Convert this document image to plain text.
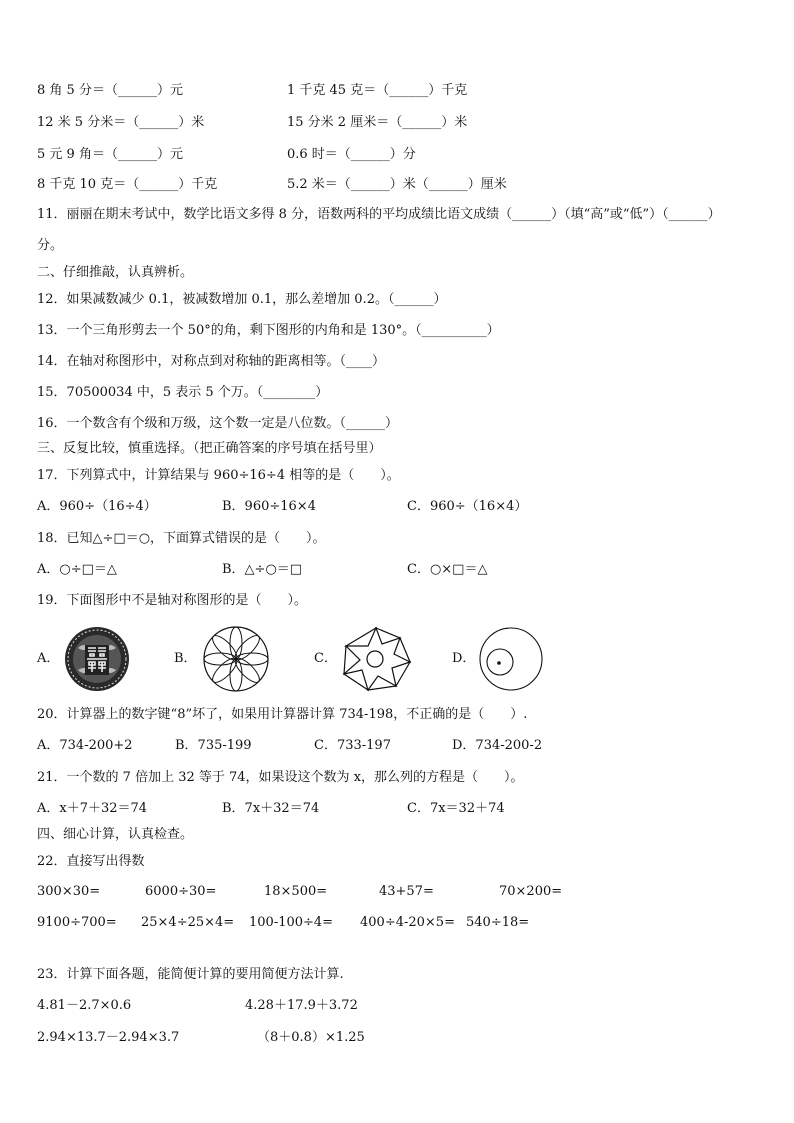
8 角 5 分＝（______）元	1 千克 45 克＝（______）千克
12 米 5 分米＝（______）米	15 分米 2 厘米＝（______）米
5 元 9 角＝（______）元	0.6 时＝（______）分
8 千克 10 克＝（______）千克	5.2 米＝（______）米（______）厘米
11．丽丽在期末考试中，数学比语文多得 8 分，语数两科的平均成绩比语文成绩（______）（填“高”或“低”）（______）
分。
二、仔细推敲，认真辨析。
12．如果减数减少 0.1，被减数增加 0.1，那么差增加 0.2。（______）
13．一个三角形剪去一个 50°的角，剩下图形的内角和是 130°。（__________）
14．在轴对称图形中，对称点到对称轴的距离相等。（____）
15．70500034 中，5 表示 5 个万。（________）
16．一个数含有个级和万级，这个数一定是八位数。（______）
三、反复比较，慎重选择。（把正确答案的序号填在括号里）
17．下列算式中，计算结果与 960÷16÷4 相等的是（　　）。
A．960÷（16÷4）	B．960÷16×4	C．960÷（16×4）
18．已知△÷□＝○，下面算式错误的是（　　）。
A．○÷□＝△	B．△÷○＝□	C．○×□＝△
19．下面图形中不是轴对称图形的是（　　）。
A．	B．	C．	D．
20．计算器上的数字键“8”坏了，如果用计算器计算 734-198，不正确的是（　　）.
A．734-200+2	B．735-199	C．733-197	D．734-200-2
21．一个数的 7 倍加上 32 等于 74，如果设这个数为 x，那么列的方程是（　　）。
A．x＋7＋32＝74	B．7x＋32＝74	C．7x＝32＋74
四、细心计算，认真检查。
22．直接写出得数
300×30=	6000÷30=	18×500=	43+57=	70×200=
9100÷700= 25×4÷25×4= 100-100÷4= 400÷4-20×5= 540÷18=
23．计算下面各题，能简便计算的要用简便方法计算.
4.81－2.7×0.6	4.28＋17.9＋3.72
2.94×13.7－2.94×3.7	（8＋0.8）×1.25
